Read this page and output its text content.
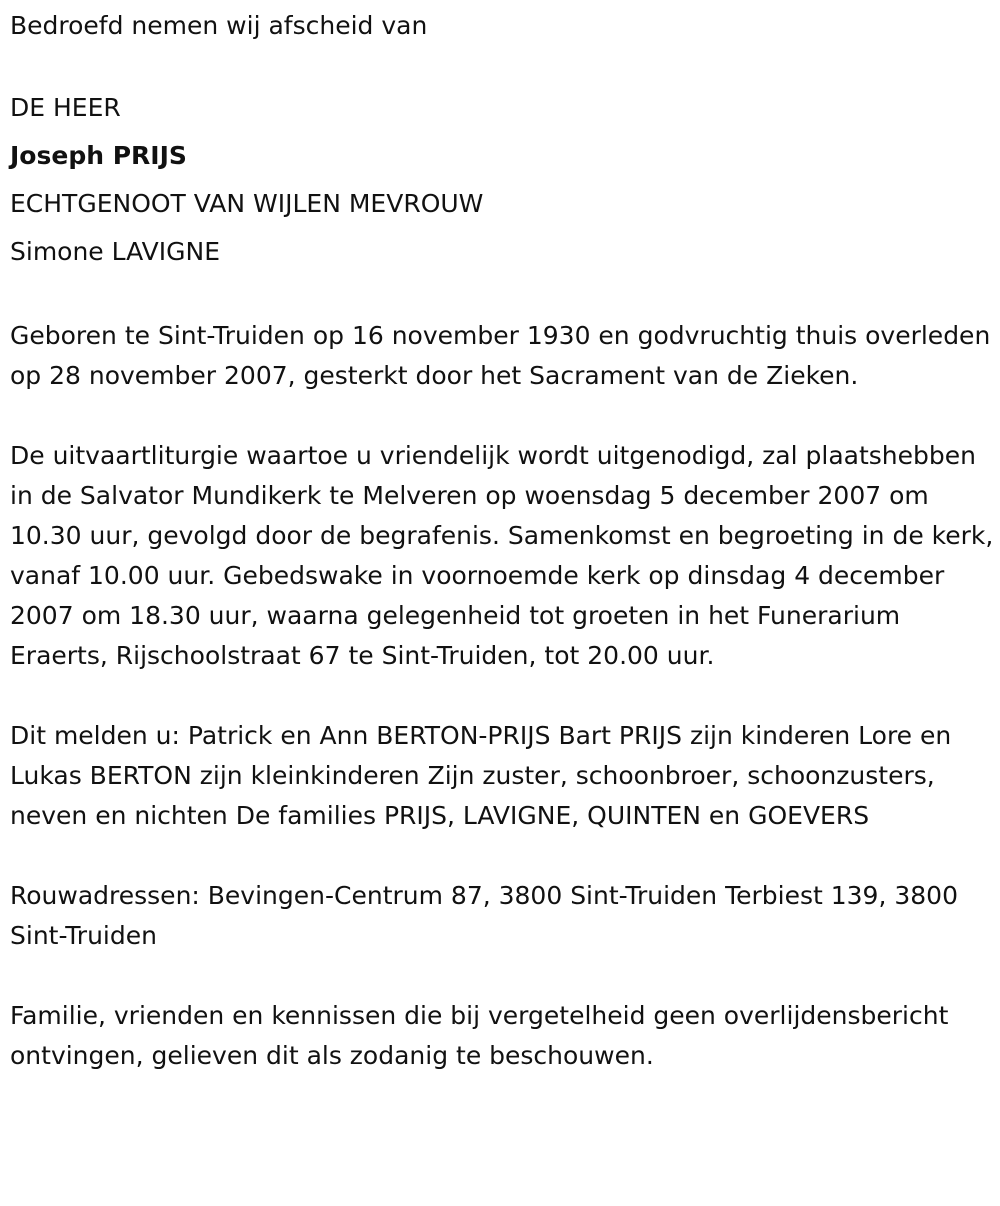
Bedroefd nemen wij afscheid van

DE HEER

Joseph PRIJS

ECHTGENOOT VAN WIJLEN MEVROUW

Simone LAVIGNE

Geboren te Sint-Truiden op 16 november 1930 en godvruchtig thuis overleden op 28 november 2007, gesterkt door het Sacrament van de Zieken.

De uitvaartliturgie waartoe u vriendelijk wordt uitgenodigd, zal plaatshebben in de Salvator Mundikerk te Melveren op woensdag 5 december 2007 om 10.30 uur, gevolgd door de begrafenis. Samenkomst en begroeting in de kerk, vanaf 10.00 uur. Gebedswake in voornoemde kerk op dinsdag 4 december 2007 om 18.30 uur, waarna gelegenheid tot groeten in het Funerarium Eraerts, Rijschoolstraat 67 te Sint-Truiden, tot 20.00 uur.

Dit melden u: Patrick en Ann BERTON-PRIJS Bart PRIJS zijn kinderen Lore en Lukas BERTON zijn kleinkinderen Zijn zuster, schoonbroer, schoonzusters, neven en nichten De families PRIJS, LAVIGNE, QUINTEN en GOEVERS

Rouwadressen: Bevingen-Centrum 87, 3800 Sint-Truiden Terbiest 139, 3800 Sint-Truiden

Familie, vrienden en kennissen die bij vergetelheid geen overlijdensbericht ontvingen, gelieven dit als zodanig te beschouwen.
